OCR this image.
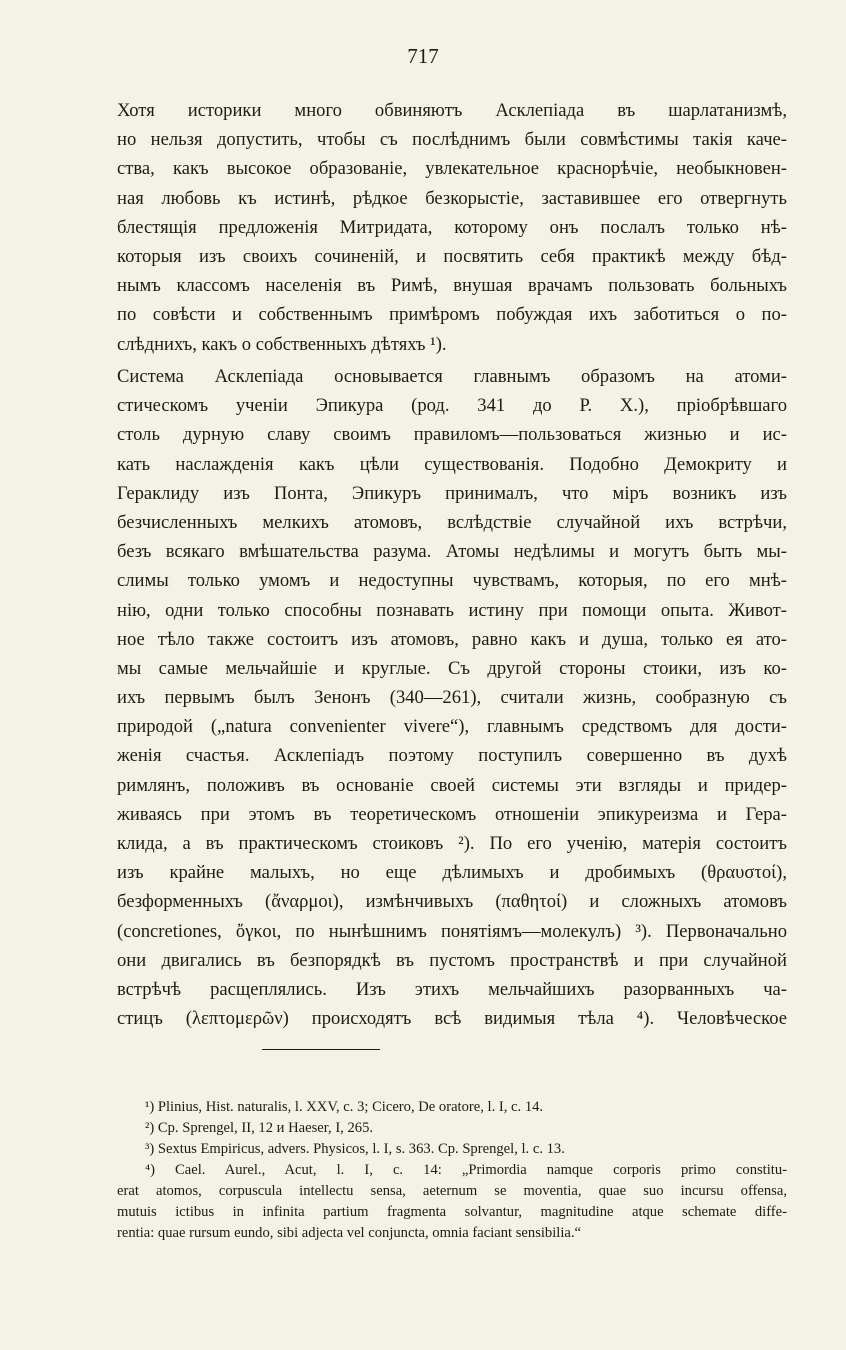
717
Хотя историки много обвиняютъ Асклепіада въ шарлатанизмѣ,
но нельзя допустить, чтобы съ послѣднимъ были совмѣстимы такія каче-
ства, какъ высокое образованіе, увлекательное краснорѣчіе, необыкновен-
ная любовь къ истинѣ, рѣдкое безкорыстіе, заставившее его отвергнуть
блестящія предложенія Митридата, которому онъ послалъ только нѣ-
которыя изъ своихъ сочиненій, и посвятить себя практикѣ между бѣд-
нымъ классомъ населенія въ Римѣ, внушая врачамъ пользовать больныхъ
по совѣсти и собственнымъ примѣромъ побуждая ихъ заботиться о по-
слѣднихъ, какъ о собственныхъ дѣтяхъ ¹).
Система Асклепіада основывается главнымъ образомъ на атоми-
стическомъ ученіи Эпикура (род. 341 до Р. Х.), пріобрѣвшаго
столь дурную славу своимъ правиломъ—пользоваться жизнью и ис-
кать наслажденія какъ цѣли существованія. Подобно Демокриту и
Гераклиду изъ Понта, Эпикуръ принималъ, что міръ возникъ изъ
безчисленныхъ мелкихъ атомовъ, вслѣдствіе случайной ихъ встрѣчи,
безъ всякаго вмѣшательства разума. Атомы недѣлимы и могутъ быть мы-
слимы только умомъ и недоступны чувствамъ, которыя, по его мнѣ-
нію, одни только способны познавать истину при помощи опыта. Живот-
ное тѣло также состоитъ изъ атомовъ, равно какъ и душа, только ея ато-
мы самые мельчайшіе и круглые. Съ другой стороны стоики, изъ ко-
ихъ первымъ былъ Зенонъ (340—261), считали жизнь, сообразную съ
природой („natura convenienter vivere“), главнымъ средствомъ для дости-
женія счастья. Асклепіадъ поэтому поступилъ совершенно въ духѣ
римлянъ, положивъ въ основаніе своей системы эти взгляды и придер-
живаясь при этомъ въ теоретическомъ отношеніи эпикуреизма и Гера-
клида, а въ практическомъ стоиковъ ²). По его ученію, матерія состоитъ
изъ крайне малыхъ, но еще дѣлимыхъ и дробимыхъ (θραυστοί),
безформенныхъ (ἄναρμοι), измѣнчивыхъ (παθητοί) и сложныхъ атомовъ
(concretiones, ὄγκοι, по нынѣшнимъ понятіямъ—молекулъ) ³). Первоначально
они двигались въ безпорядкѣ въ пустомъ пространствѣ и при случайной
встрѣчѣ расщеплялись. Изъ этихъ мельчайшихъ разорванныхъ ча-
стицъ (λεπτομερῶν) происходятъ всѣ видимыя тѣла ⁴). Человѣческое
¹) Plinius, Hist. naturalis, l. XXV, c. 3; Cicero, De oratore, l. I, c. 14.
²) Cp. Sprengel, II, 12 и Haeser, I, 265.
³) Sextus Empiricus, advers. Physicos, l. I, s. 363. Cp. Sprengel, l. c. 13.
⁴) Cael. Aurel., Acut, l. I, c. 14: „Primordia namque corporis primo constitu-
erat atomos, corpuscula intellectu sensa, aeternum se moventia, quae suo incursu offensa,
mutuis ictibus in infinita partium fragmenta solvantur, magnitudine atque schemate diffe-
rentia: quae rursum eundo, sibi adjecta vel conjuncta, omnia faciant sensibilia.“
